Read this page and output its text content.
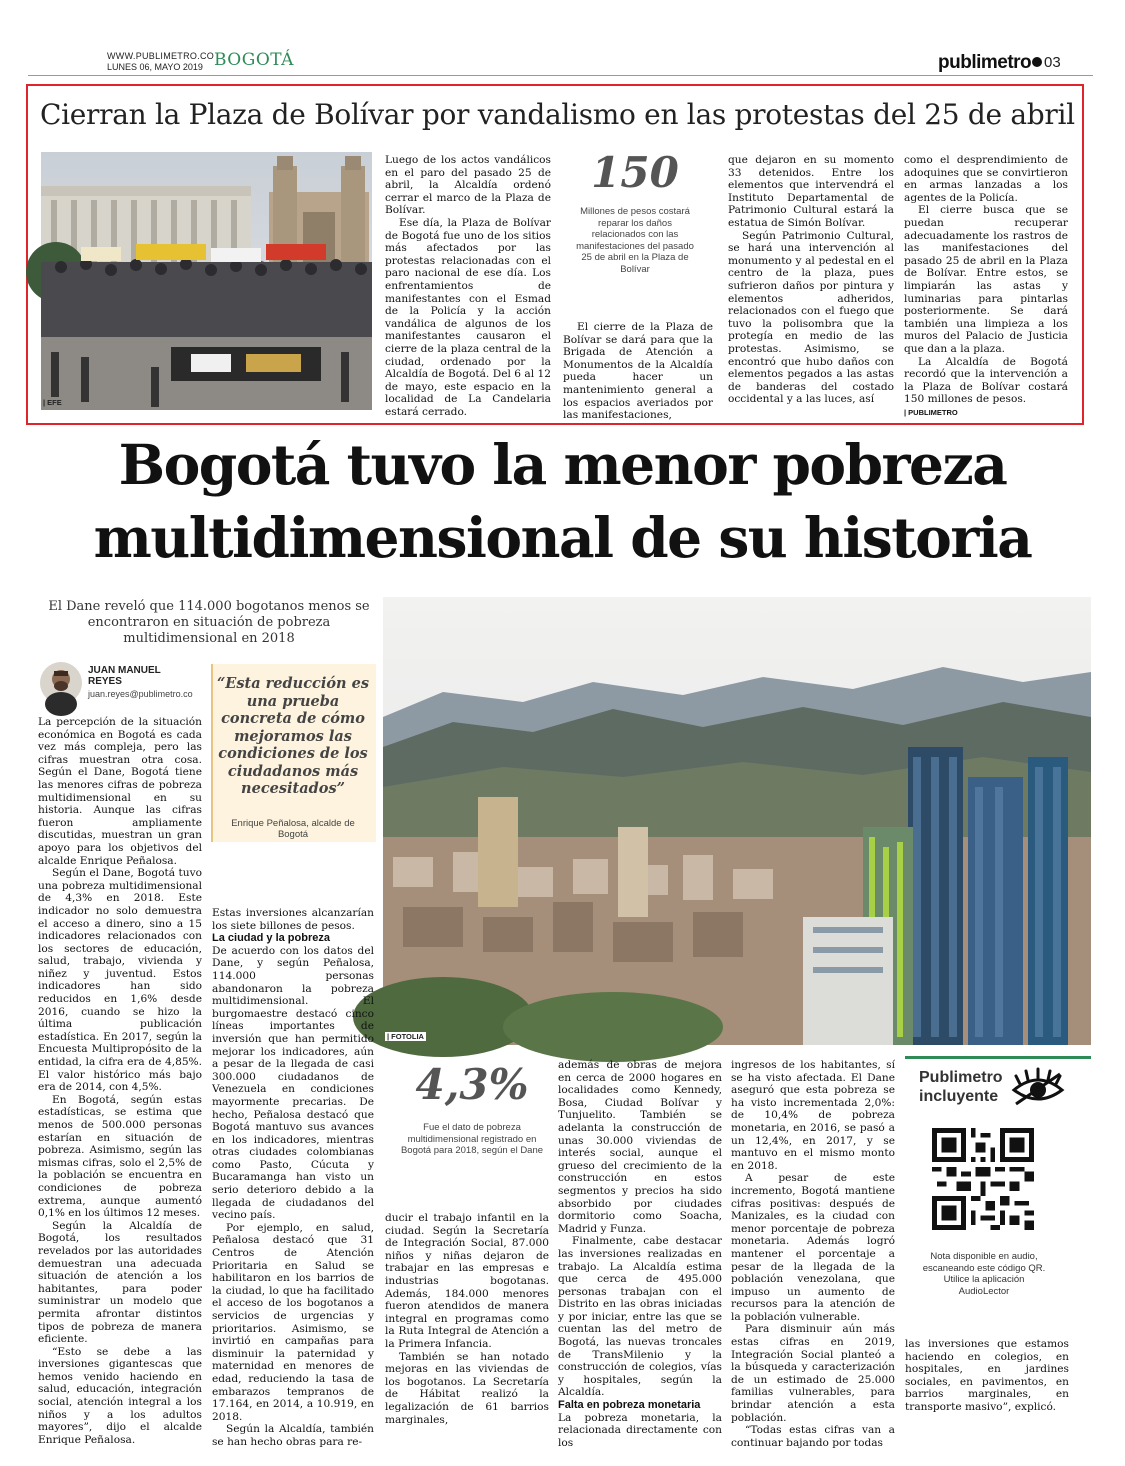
WWW.PUBLIMETRO.CO
LUNES 06, MAYO 2019 BOGOTÁ	publimetro 03
Cierran la Plaza de Bolívar por vandalismo en las protestas del 25 de abril
| EFE

Luego de los actos vandálicos en el paro del pasado 25 de abril, la Alcaldía ordenó cerrar el marco de la Plaza de Bolívar.

Ese día, la Plaza de Bolívar de Bogotá fue uno de los sitios más afectados por las protestas relacionadas con el paro nacional de ese día. Los enfrentamientos de manifestantes con el Esmad de la Policía y la acción vandálica de algunos de los manifestantes causaron el cierre de la plaza central de la ciudad, ordenado por la Alcaldía de Bogotá. Del 6 al 12 de mayo, este espacio en la localidad de La Candelaria estará cerrado.

150
Millones de pesos costará reparar los daños relacionados con las manifestaciones del pasado 25 de abril en la Plaza de Bolívar

El cierre de la Plaza de Bolívar se dará para que la Brigada de Atención a Monumentos de la Alcaldía pueda hacer un mantenimiento general a los espacios averiados por las manifestaciones,

que dejaron en su momento 33 detenidos. Entre los elementos que intervendrá el Instituto Departamental de Patrimonio Cultural estará la estatua de Simón Bolívar.

Según Patrimonio Cultural, se hará una intervención al monumento y al pedestal en el centro de la plaza, pues sufrieron daños por pintura y elementos adheridos, relacionados con el fuego que tuvo la polisombra que la protegía en medio de las protestas. Asimismo, se encontró que hubo daños con elementos pegados a las astas de banderas del costado occidental y a las luces, así

como el desprendimiento de adoquines que se convirtieron en armas lanzadas a los agentes de la Policía.

El cierre busca que se puedan recuperar adecuadamente los rastros de las manifestaciones del pasado 25 de abril en la Plaza de Bolívar. Entre estos, se limpiarán las astas y luminarias para pintarlas posteriormente. Se dará también una limpieza a los muros del Palacio de Justicia que dan a la plaza.

La Alcaldía de Bogotá recordó que la intervención a la Plaza de Bolívar costará 150 millones de pesos.

| PUBLIMETRO
Bogotá tuvo la menor pobreza
multidimensional de su historia
El Dane reveló que 114.000 bogotanos menos se encontraron en situación de pobreza multidimensional en 2018
JUAN MANUEL REYES
juan.reyes@publimetro.co
“Esta reducción es una prueba concreta de cómo mejoramos las condiciones de los ciudadanos más necesitados”
Enrique Peñalosa, alcalde de Bogotá
| FOTOLIA

La percepción de la situación económica en Bogotá es cada vez más compleja, pero las cifras muestran otra cosa. Según el Dane, Bogotá tiene las menores cifras de pobreza multidimensional en su historia. Aunque las cifras fueron ampliamente discutidas, muestran un gran apoyo para los objetivos del alcalde Enrique Peñalosa.

Según el Dane, Bogotá tuvo una pobreza multidimensional de 4,3% en 2018. Este indicador no solo demuestra el acceso a dinero, sino a 15 indicadores relacionados con los sectores de educación, salud, trabajo, vivienda y niñez y juventud. Estos indicadores han sido reducidos en 1,6% desde 2016, cuando se hizo la última publicación estadística. En 2017, según la Encuesta Multipropósito de la entidad, la cifra era de 4,85%. El valor histórico más bajo era de 2014, con 4,5%.

En Bogotá, según estas estadísticas, se estima que menos de 500.000 personas estarían en situación de pobreza. Asimismo, según las mismas cifras, solo el 2,5% de la población se encuentra en condiciones de pobreza extrema, aunque aumentó 0,1% en los últimos 12 meses.

Según la Alcaldía de Bogotá, los resultados revelados por las autoridades demuestran una adecuada situación de atención a los habitantes, para poder suministrar un modelo que permita afrontar distintos tipos de pobreza de manera eficiente.

“Esto se debe a las inversiones gigantescas que hemos venido haciendo en salud, educación, integración social, atención integral a los niños y a los adultos mayores”, dijo el alcalde Enrique Peñalosa.

Estas inversiones alcanzarían los siete billones de pesos.

La ciudad y la pobreza

De acuerdo con los datos del Dane, y según Peñalosa, 114.000 personas abandonaron la pobreza multidimensional. El burgomaestre destacó cinco líneas importantes de inversión que han permitido mejorar los indicadores, aún a pesar de la llegada de casi 300.000 ciudadanos de Venezuela en condiciones mayormente precarias. De hecho, Peñalosa destacó que Bogotá mantuvo sus avances en los indicadores, mientras otras ciudades colombianas como Pasto, Cúcuta y Bucaramanga han visto un serio deterioro debido a la llegada de ciudadanos del vecino país.

Por ejemplo, en salud, Peñalosa destacó que 31 Centros de Atención Prioritaria en Salud se habilitaron en los barrios de la ciudad, lo que ha facilitado el acceso de los bogotanos a servicios de urgencias y prioritarios. Asimismo, se invirtió en campañas para disminuir la paternidad y maternidad en menores de edad, reduciendo la tasa de embarazos tempranos de 17.164, en 2014, a 10.919, en 2018.

Según la Alcaldía, también se han hecho obras para re-

4,3%
Fue el dato de pobreza multidimensional registrado en Bogotá para 2018, según el Dane

ducir el trabajo infantil en la ciudad. Según la Secretaría de Integración Social, 87.000 niños y niñas dejaron de trabajar en las empresas e industrias bogotanas. Además, 184.000 menores fueron atendidos de manera integral en programas como la Ruta Integral de Atención a la Primera Infancia.

También se han notado mejoras en las viviendas de los bogotanos. La Secretaría de Hábitat realizó la legalización de 61 barrios marginales,

además de obras de mejora en cerca de 2000 hogares en localidades como Kennedy, Bosa, Ciudad Bolívar y Tunjuelito. También se adelanta la construcción de unas 30.000 viviendas de interés social, aunque el grueso del crecimiento de la construcción en estos segmentos y precios ha sido absorbido por ciudades dormitorio como Soacha, Madrid y Funza.

Finalmente, cabe destacar las inversiones realizadas en trabajo. La Alcaldía estima que cerca de 495.000 personas trabajan con el Distrito en las obras iniciadas y por iniciar, entre las que se cuentan las del metro de Bogotá, las nuevas troncales de TransMilenio y la construcción de colegios, vías y hospitales, según la Alcaldía.

Falta en pobreza monetaria

La pobreza monetaria, la relacionada directamente con los

ingresos de los habitantes, sí se ha visto afectada. El Dane aseguró que esta pobreza se ha visto incrementada 2,0%: de 10,4% de pobreza monetaria, en 2016, se pasó a un 12,4%, en 2017, y se mantuvo en el mismo monto en 2018.

A pesar de este incremento, Bogotá mantiene cifras positivas: después de Manizales, es la ciudad con menor porcentaje de pobreza monetaria. Además logró mantener el porcentaje a pesar de la llegada de la población venezolana, que impuso un aumento de recursos para la atención de la población vulnerable.

Para disminuir aún más estas cifras en 2019, Integración Social planteó a la búsqueda y caracterización de un estimado de 25.000 familias vulnerables, para brindar atención a esta población.

“Todas estas cifras van a continuar bajando por todas

Publimetro
incluyente
Nota disponible en audio, escaneando este código QR. Utilice la aplicación AudioLector

las inversiones que estamos haciendo en colegios, en hospitales, en jardines sociales, en pavimentos, en barrios marginales, en transporte masivo”, explicó.
